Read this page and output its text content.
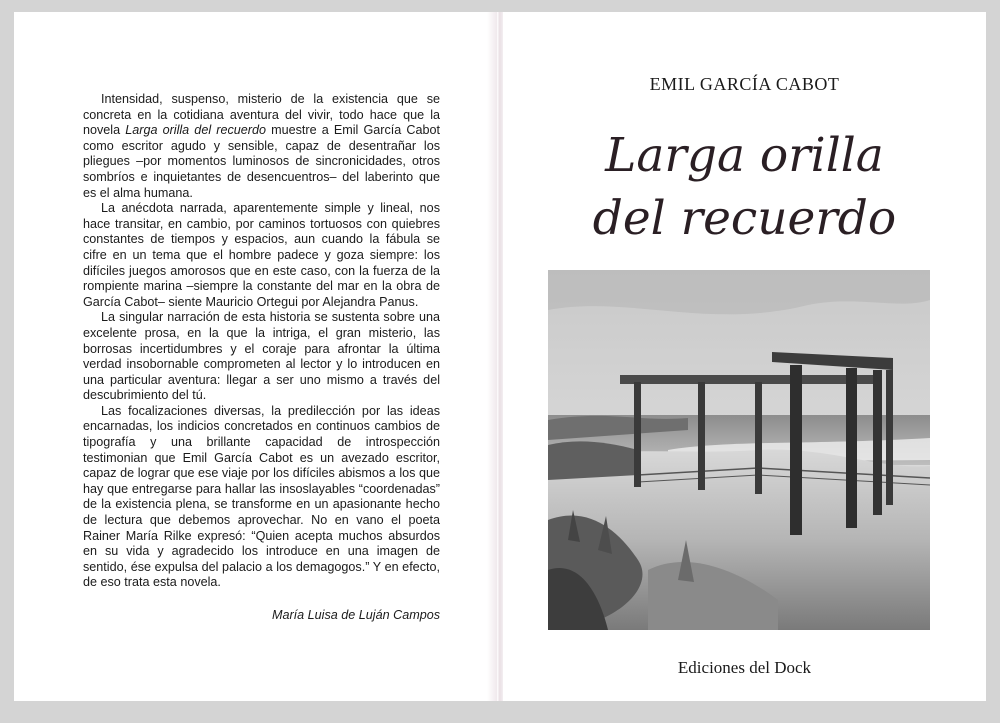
Intensidad, suspenso, misterio de la existencia que se concreta en la cotidiana aventura del vivir, todo hace que la novela Larga orilla del recuerdo muestre a Emil García Cabot como escritor agudo y sensible, capaz de desentrañar los pliegues –por momentos luminosos de sincronicidades, otros sombríos e inquietantes de desencuentros– del laberinto que es el alma humana.

La anécdota narrada, aparentemente simple y lineal, nos hace transitar, en cambio, por caminos tortuosos con quiebres constantes de tiempos y espacios, aun cuando la fábula se cifre en un tema que el hombre padece y goza siempre: los difíciles juegos amorosos que en este caso, con la fuerza de la rompiente marina –siempre la constante del mar en la obra de García Cabot– siente Mauricio Ortegui por Alejandra Panus.

La singular narración de esta historia se sustenta sobre una excelente prosa, en la que la intriga, el gran misterio, las borrosas incertidumbres y el coraje para afrontar la última verdad insobornable comprometen al lector y lo introducen en una particular aventura: llegar a ser uno mismo a través del descubrimiento del tú.

Las focalizaciones diversas, la predilección por las ideas encarnadas, los indicios concretados en continuos cambios de tipografía y una brillante capacidad de introspección testimonian que Emil García Cabot es un avezado escritor, capaz de lograr que ese viaje por los difíciles abismos a los que hay que entregarse para hallar las insoslayables “coordenadas” de la existencia plena, se transforme en un apasionante hecho de lectura que debemos aprovechar. No en vano el poeta Rainer María Rilke expresó: “Quien acepta muchos absurdos en su vida y agradecido los introduce en una imagen de sentido, ése expulsa del palacio a los demagogos.” Y en efecto, de eso trata esta novela.

María Luisa de Luján Campos
EMIL GARCÍA CABOT
Larga orilla
del recuerdo
Ediciones del Dock
